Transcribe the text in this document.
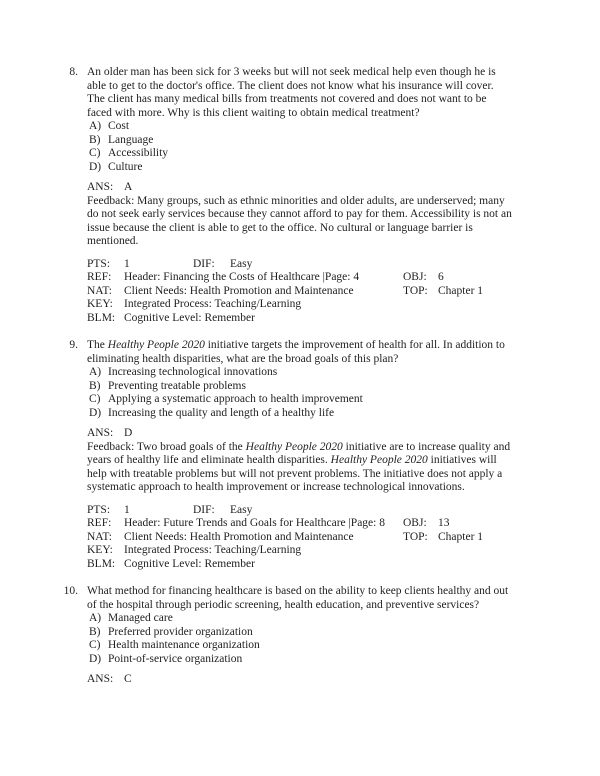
8. An older man has been sick for 3 weeks but will not seek medical help even though he is able to get to the doctor's office. The client does not know what his insurance will cover. The client has many medical bills from treatments not covered and does not want to be faced with more. Why is this client waiting to obtain medical treatment?
A) Cost
B) Language
C) Accessibility
D) Culture
ANS: A
Feedback: Many groups, such as ethnic minorities and older adults, are underserved; many do not seek early services because they cannot afford to pay for them. Accessibility is not an issue because the client is able to get to the office. No cultural or language barrier is mentioned.
PTS: 1	DIF: Easy
REF: Header: Financing the Costs of Healthcare |Page: 4	OBJ: 6
NAT: Client Needs: Health Promotion and Maintenance	TOP: Chapter 1
KEY: Integrated Process: Teaching/Learning
BLM: Cognitive Level: Remember
9. The Healthy People 2020 initiative targets the improvement of health for all. In addition to eliminating health disparities, what are the broad goals of this plan?
A) Increasing technological innovations
B) Preventing treatable problems
C) Applying a systematic approach to health improvement
D) Increasing the quality and length of a healthy life
ANS: D
Feedback: Two broad goals of the Healthy People 2020 initiative are to increase quality and years of healthy life and eliminate health disparities. Healthy People 2020 initiatives will help with treatable problems but will not prevent problems. The initiative does not apply a systematic approach to health improvement or increase technological innovations.
PTS: 1	DIF: Easy
REF: Header: Future Trends and Goals for Healthcare |Page: 8 OBJ: 13
NAT: Client Needs: Health Promotion and Maintenance	TOP: Chapter 1
KEY: Integrated Process: Teaching/Learning
BLM: Cognitive Level: Remember
10. What method for financing healthcare is based on the ability to keep clients healthy and out of the hospital through periodic screening, health education, and preventive services?
A) Managed care
B) Preferred provider organization
C) Health maintenance organization
D) Point-of-service organization
ANS: C
